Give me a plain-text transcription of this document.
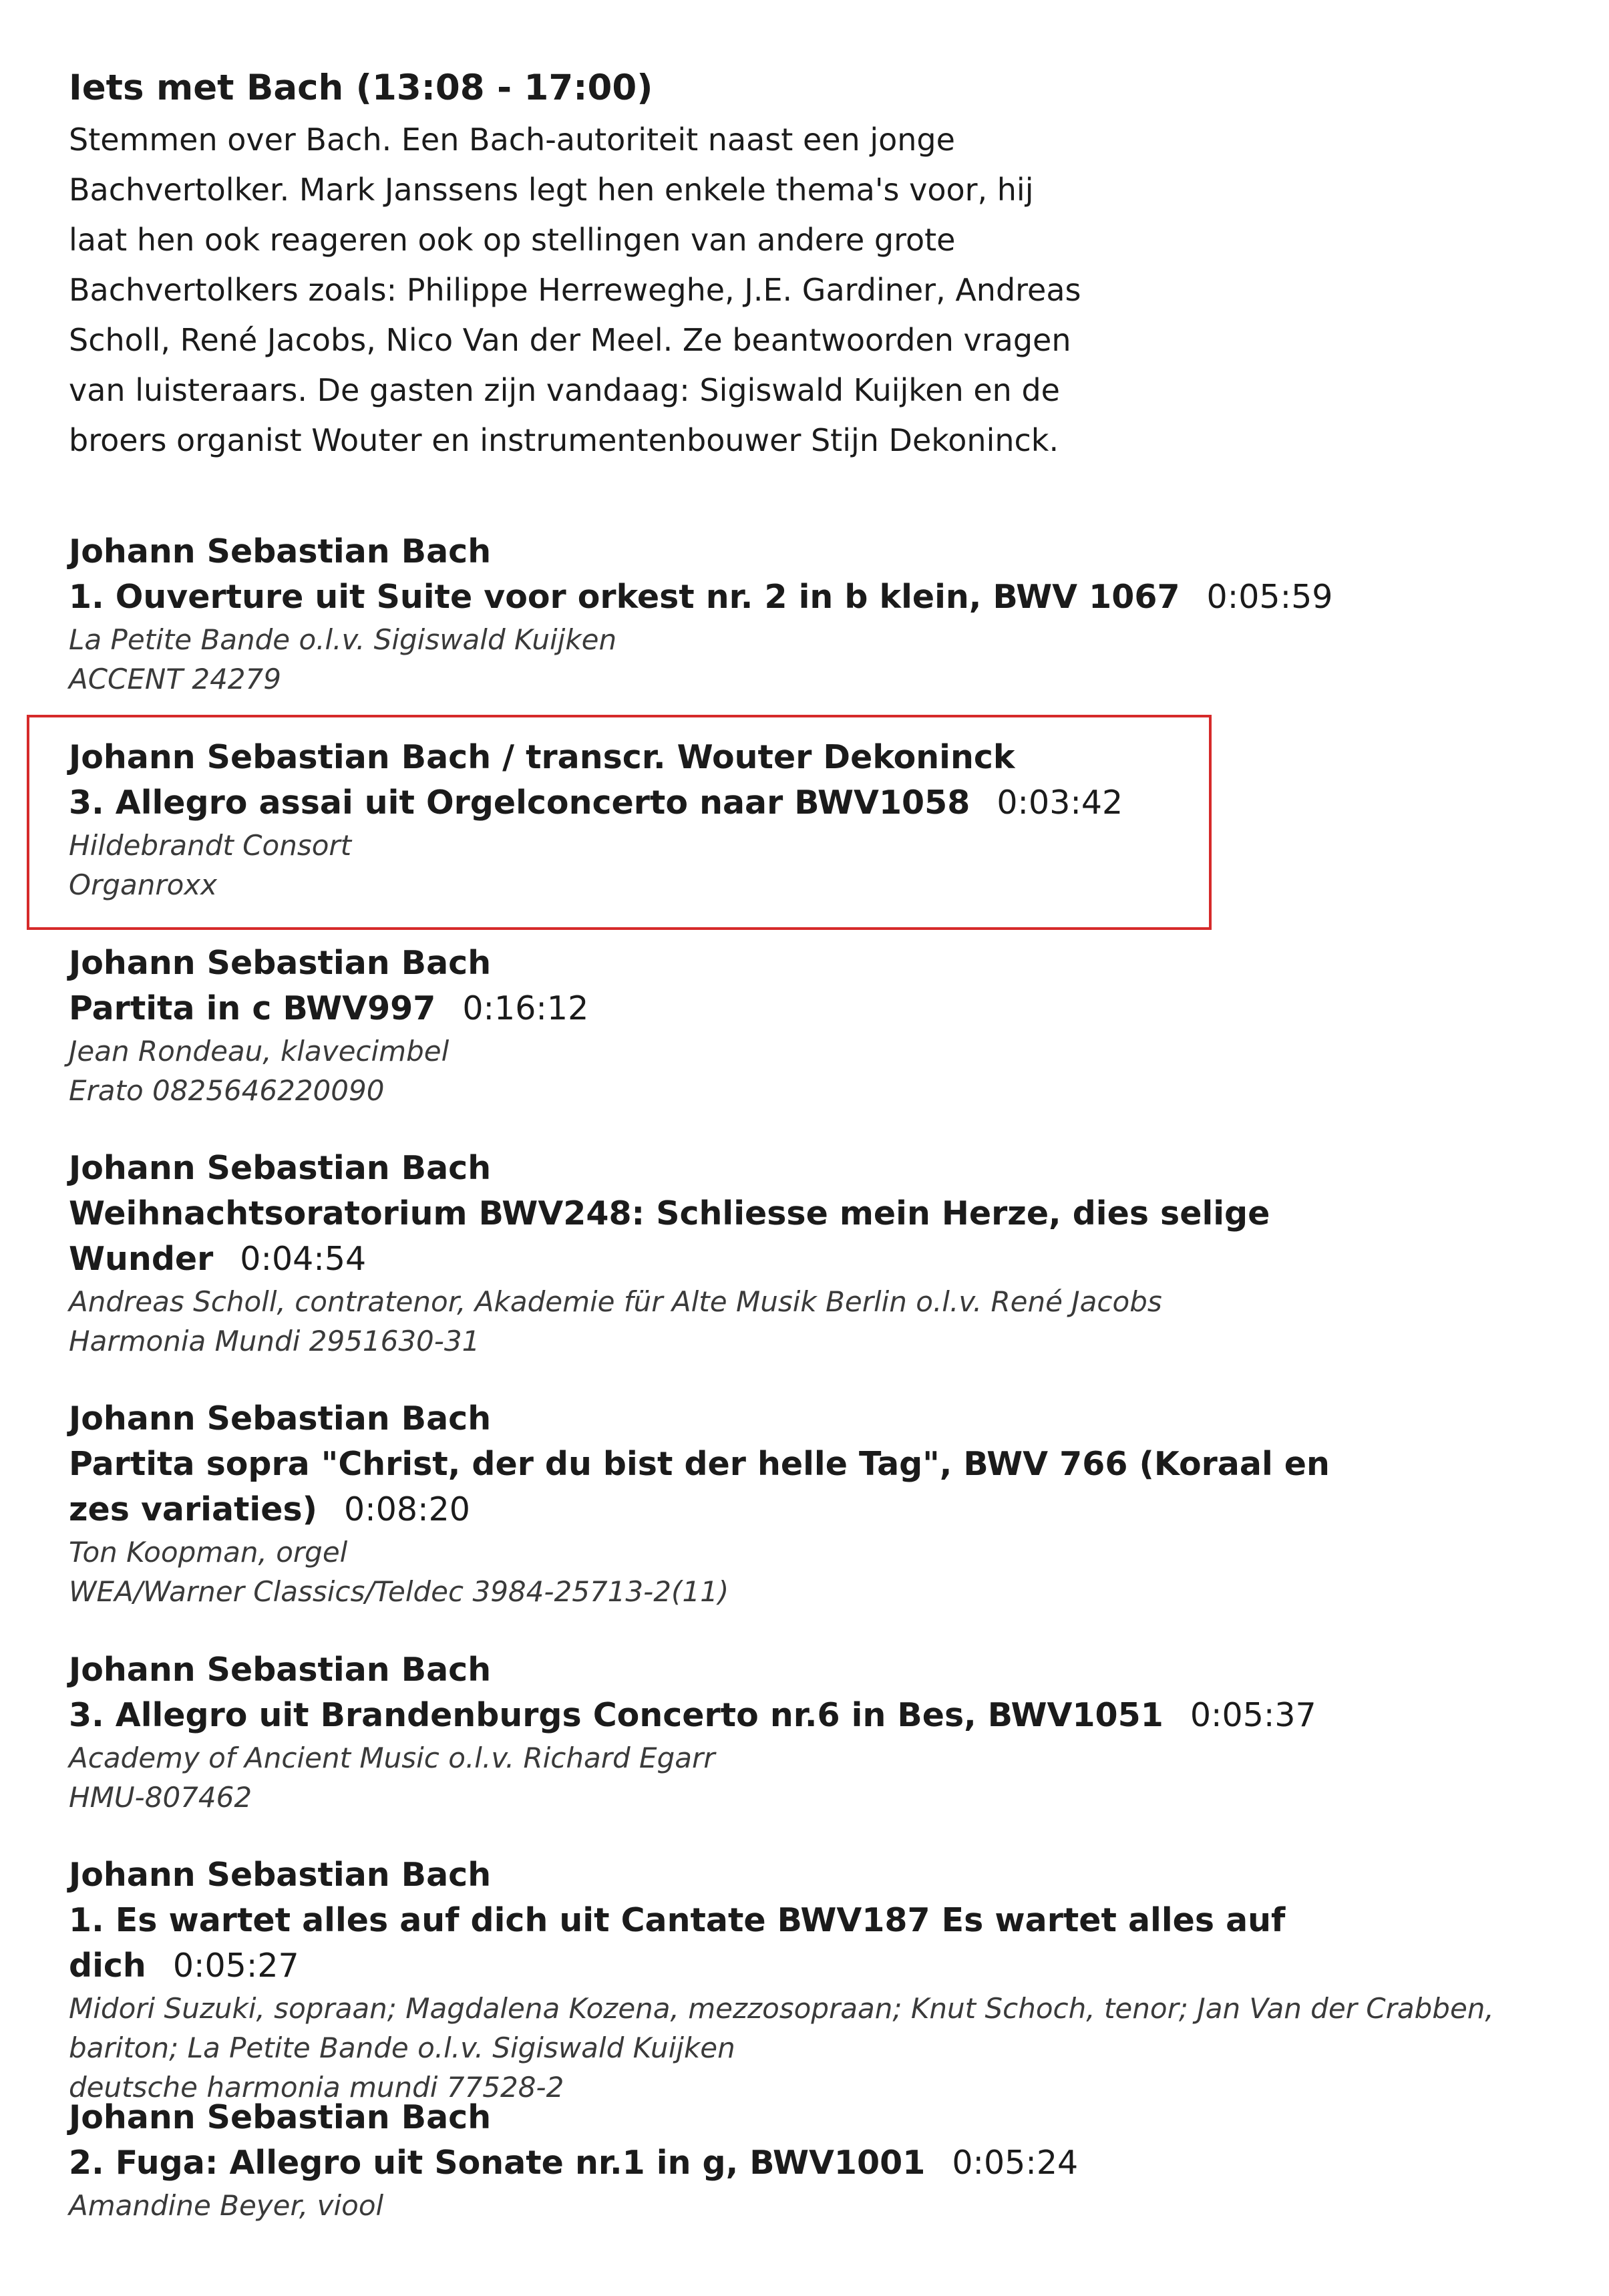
Iets met Bach (13:08 - 17:00)

Stemmen over Bach. Een Bach-autoriteit naast een jonge Bachvertolker. Mark Janssens legt hen enkele thema's voor, hij laat hen ook reageren ook op stellingen van andere grote Bachvertolkers zoals: Philippe Herreweghe, J.E. Gardiner, Andreas Scholl, René Jacobs, Nico Van der Meel. Ze beantwoorden vragen van luisteraars. De gasten zijn vandaag: Sigiswald Kuijken en de broers organist Wouter en instrumentenbouwer Stijn Dekoninck.

Johann Sebastian Bach
1. Ouverture uit Suite voor orkest nr. 2 in b klein, BWV 1067 0:05:59
La Petite Bande o.l.v. Sigiswald Kuijken
ACCENT 24279
Johann Sebastian Bach / transcr. Wouter Dekoninck
3. Allegro assai uit Orgelconcerto naar BWV1058 0:03:42
Hildebrandt Consort
Organroxx
Johann Sebastian Bach
Partita in c BWV997 0:16:12
Jean Rondeau, klavecimbel
Erato 0825646220090
Johann Sebastian Bach
Weihnachtsoratorium BWV248: Schliesse mein Herze, dies selige Wunder 0:04:54
Andreas Scholl, contratenor, Akademie für Alte Musik Berlin o.l.v. René Jacobs
Harmonia Mundi 2951630-31
Johann Sebastian Bach
Partita sopra "Christ, der du bist der helle Tag", BWV 766 (Koraal en zes variaties) 0:08:20
Ton Koopman, orgel
WEA/Warner Classics/Teldec 3984-25713-2(11)
Johann Sebastian Bach
3. Allegro uit Brandenburgs Concerto nr.6 in Bes, BWV1051 0:05:37
Academy of Ancient Music o.l.v. Richard Egarr
HMU-807462
Johann Sebastian Bach
1. Es wartet alles auf dich uit Cantate BWV187 Es wartet alles auf dich 0:05:27
Midori Suzuki, sopraan; Magdalena Kozena, mezzosopraan; Knut Schoch, tenor; Jan Van der Crabben, bariton; La Petite Bande o.l.v. Sigiswald Kuijken
deutsche harmonia mundi 77528-2
Johann Sebastian Bach
2. Fuga: Allegro uit Sonate nr.1 in g, BWV1001 0:05:24
Amandine Beyer, viool
